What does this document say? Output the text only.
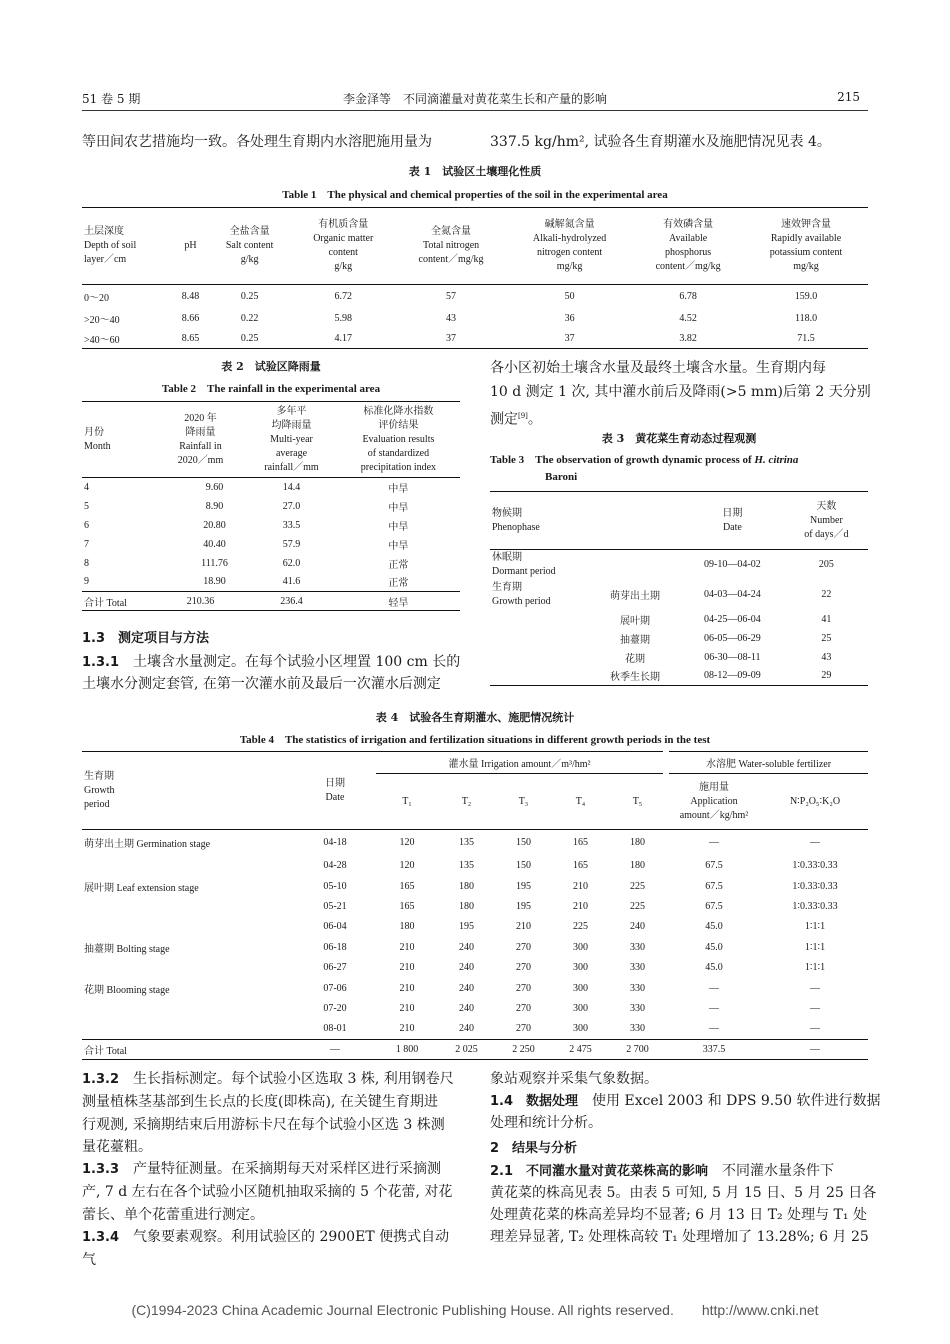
51 卷 5 期	李金泽等　不同滴灌量对黄花菜生长和产量的影响	215
等田间农艺措施均一致。各处理生育期内水溶肥施用量为	337.5 kg/hm², 试验各生育期灌水及施肥情况见表 4。
表 1　试验区土壤理化性质
Table 1　The physical and chemical properties of the soil in the experimental area
土层深度
Depth of soil
layer／cm	pH	全盐含量
Salt content
g/kg	有机质含量
Organic matter
content
g/kg	全氮含量
Total nitrogen
content／mg/kg	碱解氮含量
Alkali-hydrolyzed
nitrogen content
mg/kg	有效磷含量
Available
phosphorus
content／mg/kg	速效钾含量
Rapidly available
potassium content
mg/kg
0～20	8.48	0.25	6.72	57	50	6.78	159.0
>20～40	8.66	0.22	5.98	43	36	4.52	118.0
>40～60	8.65	0.25	4.17	37	37	3.82	71.5
表 2　试验区降雨量
Table 2　The rainfall in the experimental area
月份
Month	2020 年
降雨量
Rainfall in
2020／mm	多年平
均降雨量
Multi-year
average
rainfall／mm	标准化降水指数
评价结果
Evaluation results
of standardized
precipitation index
4	9.60	14.4	中旱
5	8.90	27.0	中旱
6	20.80	33.5	中旱
7	40.40	57.9	中旱
8	111.76	62.0	正常
9	18.90	41.6	正常
合计 Total	210.36	236.4	轻旱
各小区初始土壤含水量及最终土壤含水量。生育期内每
10 d 测定 1 次, 其中灌水前后及降雨(>5 mm)后第 2 天分别
测定[9]。
表 3　黄花菜生育动态过程观测
Table 3　The observation of growth dynamic process of H. citrina
Baroni
物候期
Phenophase		日期
Date	天数
Number
of days／d
休眠期
Dormant period		09-10—04-02	205
生育期
Growth period	萌芽出土期	04-03—04-24	22
	展叶期	04-25—06-04	41
	抽薹期	06-05—06-29	25
	花期	06-30—08-11	43
	秋季生长期	08-12—09-09	29
1.3　测定项目与方法
1.3.1　 土壤含水量测定。在每个试验小区埋置 100 cm 长的
土壤水分测定套管, 在第一次灌水前及最后一次灌水后测定
表 4　试验各生育期灌水、施肥情况统计
Table 4　The statistics of irrigation and fertilization situations in different growth periods in the test
生育期
Growth
period	日期
Date	灌水量 Irrigation amount／m³/hm²					水溶肥 Water-soluble fertilizer	
		T₁	T₂	T₃	T₄	T₅	施用量
Application
amount／kg/hm²	N∶P₂O₅∶K₂O
萌芽出土期 Germination stage	04-18	120	135	150	165	180	—	—
	04-28	120	135	150	165	180	67.5	1∶0.33∶0.33
展叶期 Leaf extension stage	05-10	165	180	195	210	225	67.5	1∶0.33∶0.33
	05-21	165	180	195	210	225	67.5	1∶0.33∶0.33
	06-04	180	195	210	225	240	45.0	1∶1∶1
抽薹期 Bolting stage	06-18	210	240	270	300	330	45.0	1∶1∶1
	06-27	210	240	270	300	330	45.0	1∶1∶1
花期 Blooming stage	07-06	210	240	270	300	330	—	—
	07-20	210	240	270	300	330	—	—
	08-01	210	240	270	300	330	—	—
合计 Total	—	1 800	2 025	2 250	2 475	2 700	337.5	—
1.3.2　 生长指标测定。每个试验小区选取 3 株, 利用钢卷尺
测量植株茎基部到生长点的长度(即株高), 在关键生育期进
行观测, 采摘期结束后用游标卡尺在每个试验小区选 3 株测
量花薹粗。
1.3.3　 产量特征测量。在采摘期每天对采样区进行采摘测
产, 7 d 左右在各个试验小区随机抽取采摘的 5 个花蕾, 对花
蕾长、单个花蕾重进行测定。
1.3.4　 气象要素观察。利用试验区的 2900ET 便携式自动气
象站观察并采集气象数据。
1.4　数据处理　 使用 Excel 2003 和 DPS 9.50 软件进行数据
处理和统计分析。
2　结果与分析
2.1　不同灌水量对黄花菜株高的影响　 不同灌水量条件下
黄花菜的株高见表 5。由表 5 可知, 5 月 15 日、5 月 25 日各
处理黄花菜的株高差异均不显著; 6 月 13 日 T₂ 处理与 T₁ 处
理差异显著, T₂ 处理株高较 T₁ 处理增加了 13.28%; 6 月 25
(C)1994-2023 China Academic Journal Electronic Publishing House. All rights reserved.　　http://www.cnki.net
